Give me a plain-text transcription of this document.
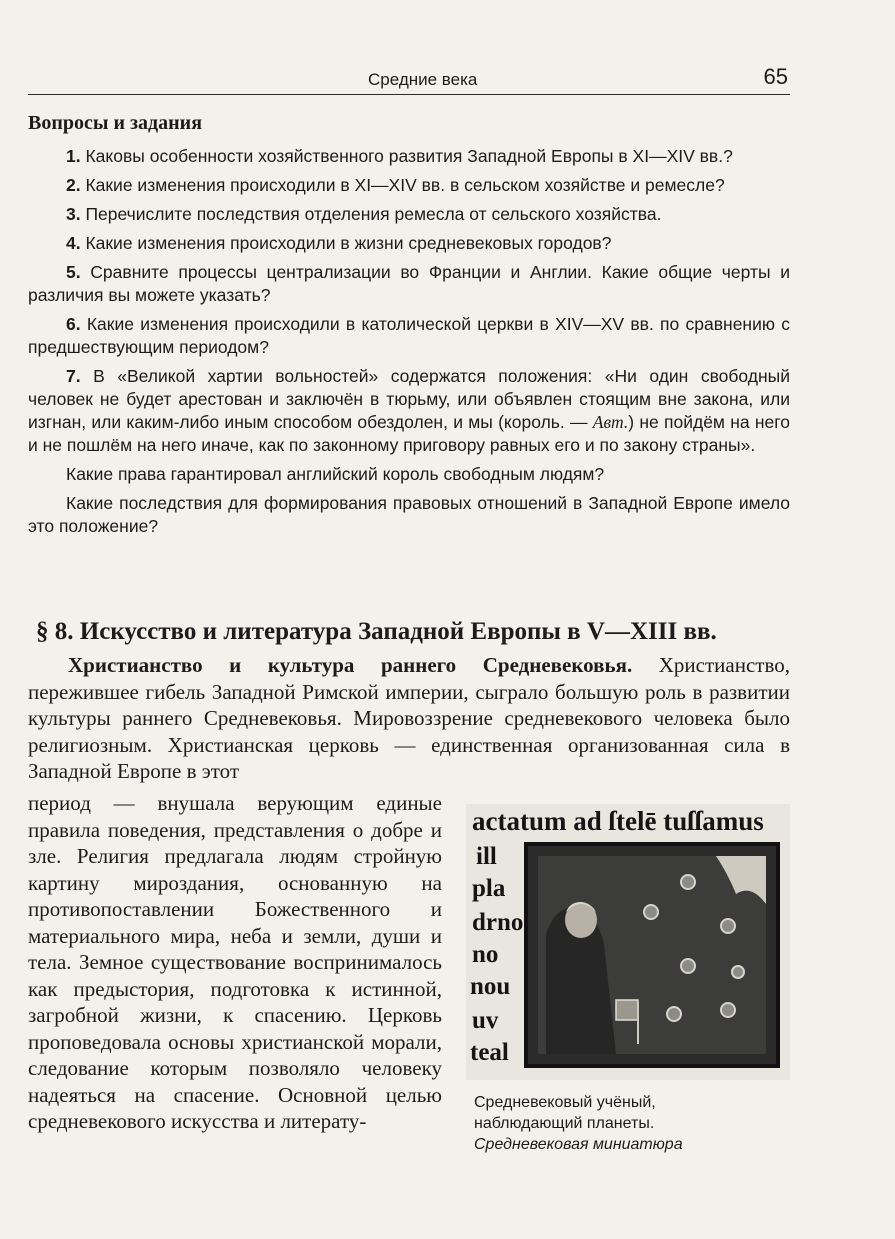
Средние века	65
Вопросы и задания

1. Каковы особенности хозяйственного развития Западной Европы в XI—XIV вв.?

2. Какие изменения происходили в XI—XIV вв. в сельском хозяйстве и ремесле?

3. Перечислите последствия отделения ремесла от сельского хозяйства.

4. Какие изменения происходили в жизни средневековых городов?

5. Сравните процессы централизации во Франции и Англии. Какие общие черты и различия вы можете указать?

6. Какие изменения происходили в католической церкви в XIV—XV вв. по сравнению с предшествующим периодом?

7. В «Великой хартии вольностей» содержатся положения: «Ни один свободный человек не будет арестован и заключён в тюрьму, или объявлен стоящим вне закона, или изгнан, или каким-либо иным способом обездолен, и мы (король. — Авт.) не пойдём на него и не пошлём на него иначе, как по законному приговору равных его и по закону страны».

Какие права гарантировал английский король свободным людям?

Какие последствия для формирования правовых отношений в Западной Европе имело это положение?

§ 8. Искусство и литература Западной Европы в V—XIII вв.

Христианство и культура раннего Средневековья. Христианство, пережившее гибель Западной Римской империи, сыграло большую роль в развитии культуры раннего Средневековья. Мировоззрение средневекового человека было религиозным. Христианская церковь — единственная организованная сила в Западной Европе в этот

период — внушала верующим единые правила поведения, представления о добре и зле. Религия предлагала людям стройную картину мироздания, основанную на противопоставлении Божественного и материального мира, неба и земли, души и тела. Земное существование воспринималось как предыстория, подготовка к истинной, загробной жизни, к спасению. Церковь проповедовала основы христианской морали, следование которым позволяло человеку надеяться на спасение. Основной целью средневекового искусства и литерату-

actatum ad ſtelē tuſſamus
ill
pla
drno
no
nou
uv
teal
Средневековый учёный,
наблюдающий планеты.
Средневековая миниатюра
